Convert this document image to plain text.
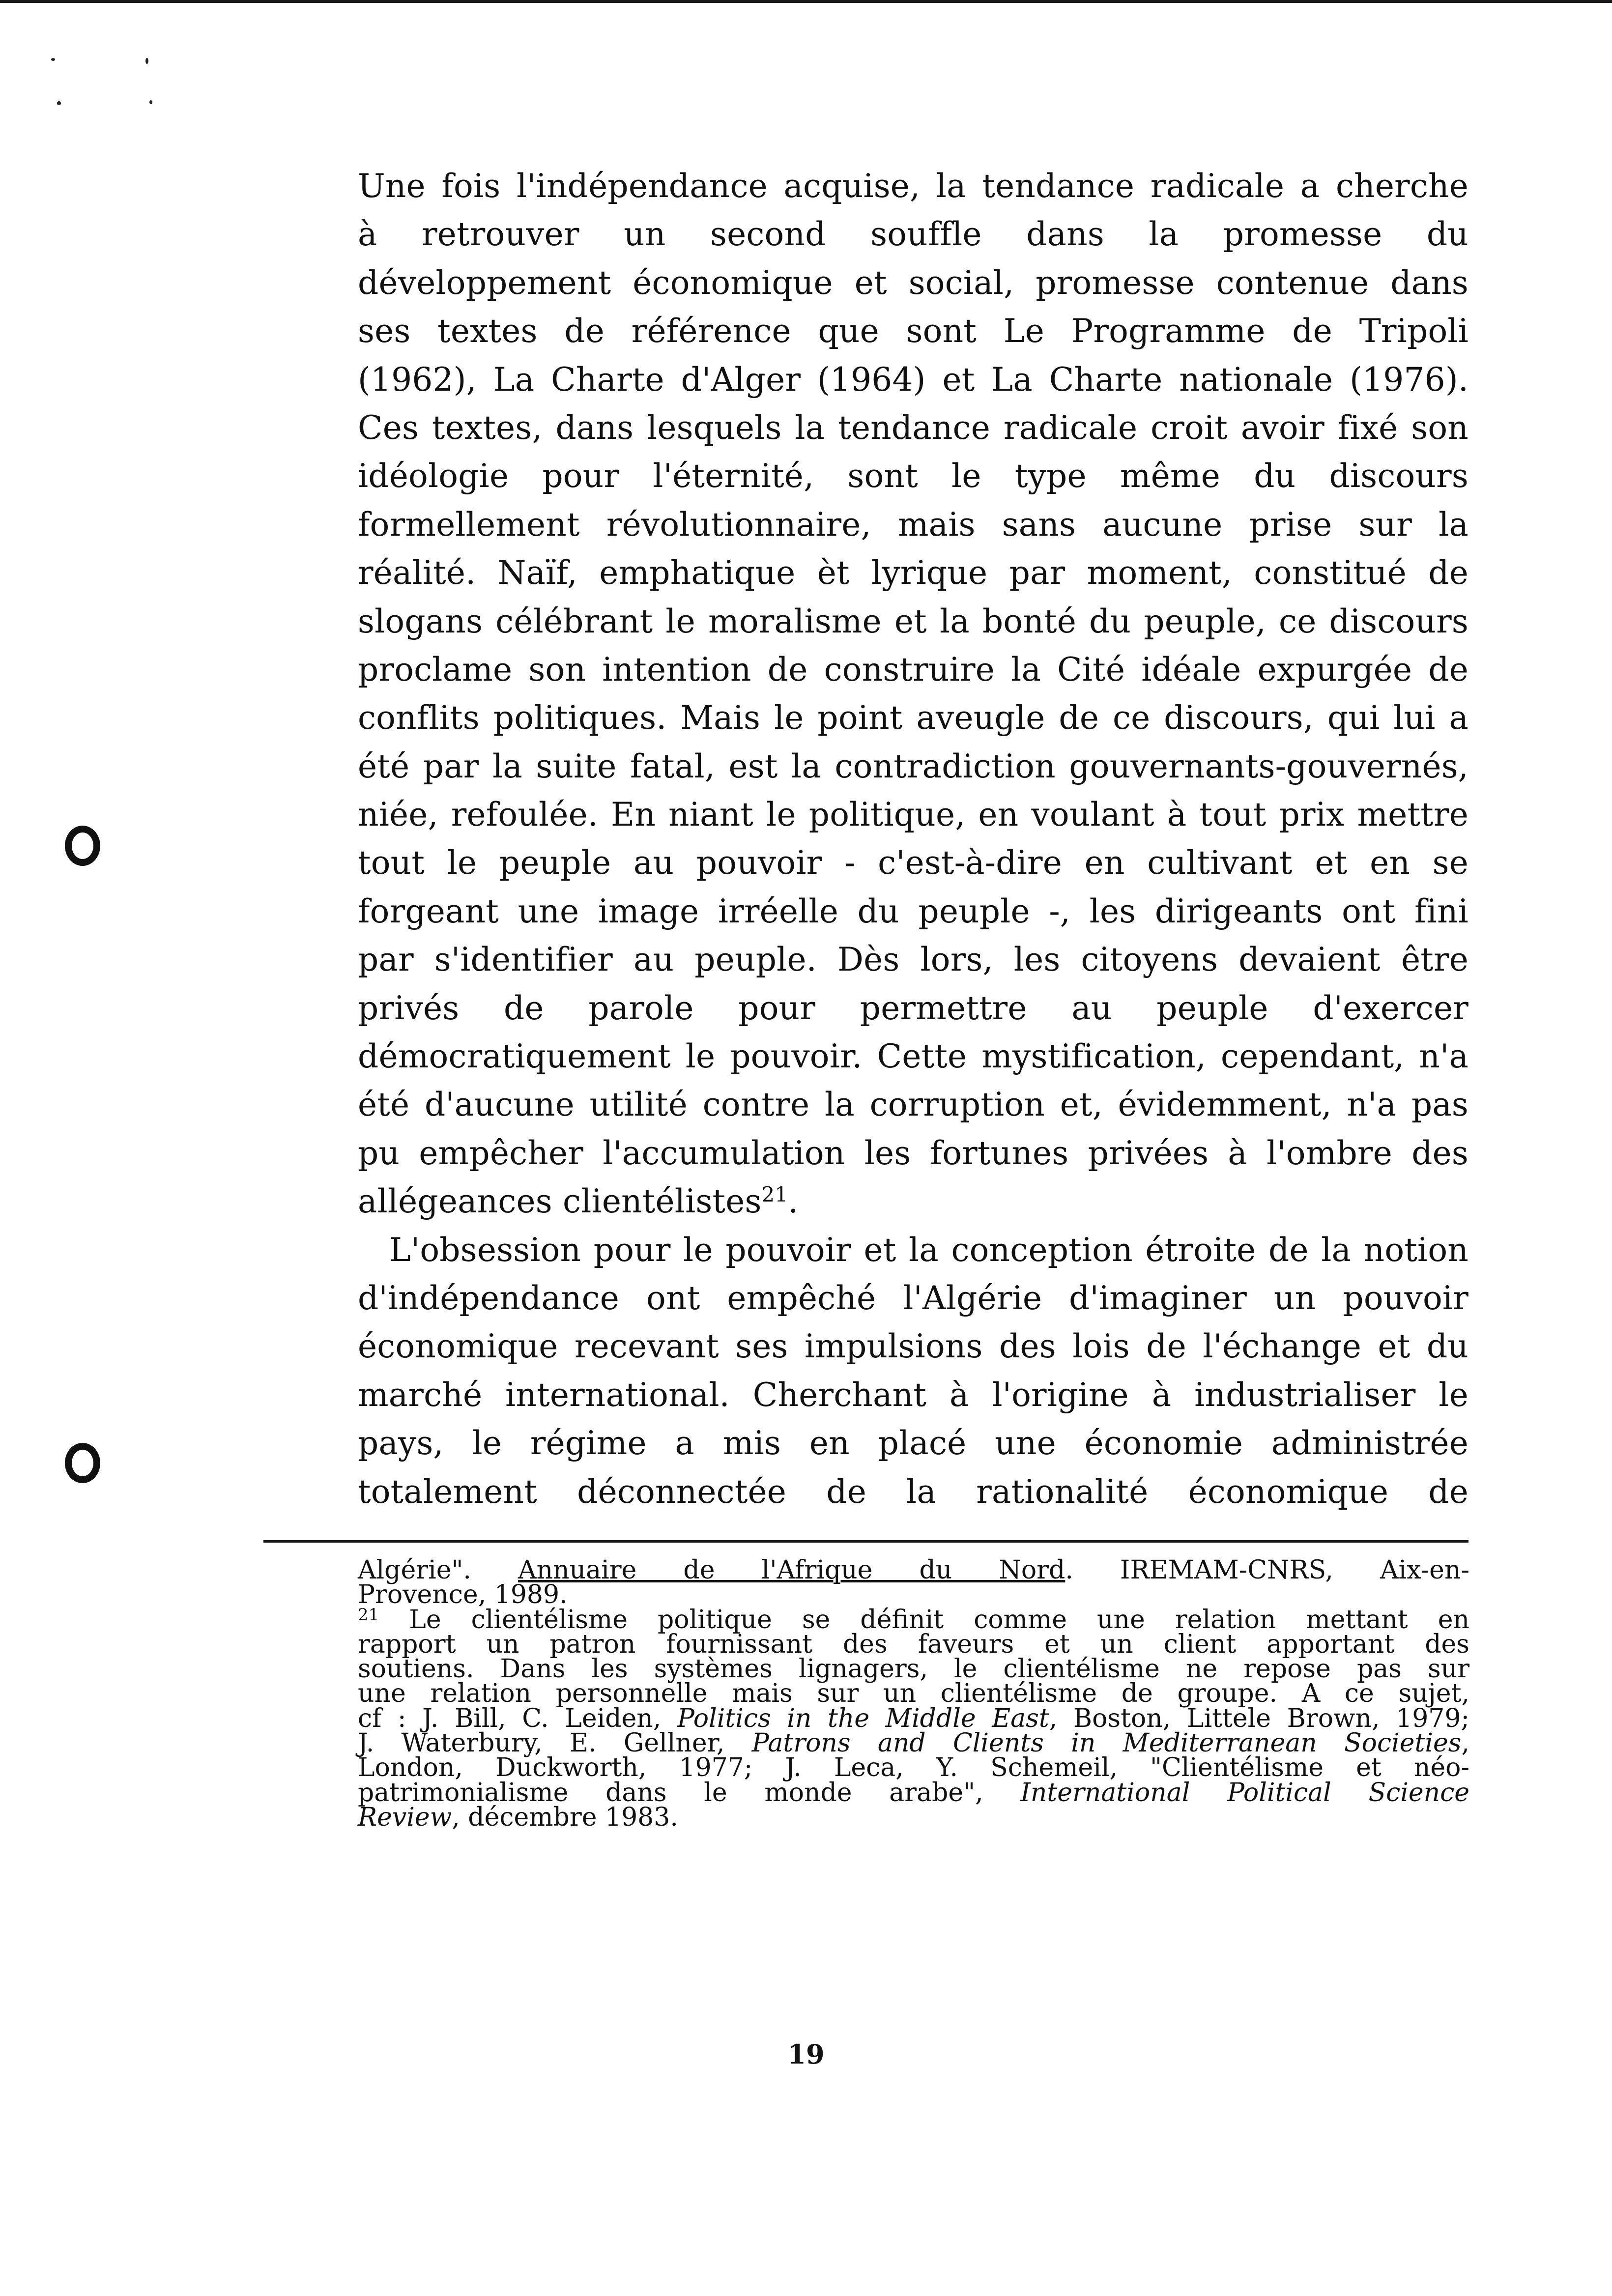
Une fois l'indépendance acquise, la tendance radicale a cherche

à retrouver un second souffle dans la promesse du

développement économique et social, promesse contenue dans

ses textes de référence que sont Le Programme de Tripoli

(1962), La Charte d'Alger (1964) et La Charte nationale (1976).

Ces textes, dans lesquels la tendance radicale croit avoir fixé son

idéologie pour l'éternité, sont le type même du discours

formellement révolutionnaire, mais sans aucune prise sur la

réalité. Naïf, emphatique èt lyrique par moment, constitué de

slogans célébrant le moralisme et la bonté du peuple, ce discours

proclame son intention de construire la Cité idéale expurgée de

conflits politiques. Mais le point aveugle de ce discours, qui lui a

été par la suite fatal, est la contradiction gouvernants-gouvernés,

niée, refoulée. En niant le politique, en voulant à tout prix mettre

tout le peuple au pouvoir - c'est-à-dire en cultivant et en se

forgeant une image irréelle du peuple -, les dirigeants ont fini

par s'identifier au peuple. Dès lors, les citoyens devaient être

privés de parole pour permettre au peuple d'exercer

démocratiquement le pouvoir. Cette mystification, cependant, n'a

été d'aucune utilité contre la corruption et, évidemment, n'a pas

pu empêcher l'accumulation les fortunes privées à l'ombre des

allégeances clientélistes$^{21}$.

L'obsession pour le pouvoir et la conception étroite de la notion

d'indépendance ont empêché l'Algérie d'imaginer un pouvoir

économique recevant ses impulsions des lois de l'échange et du

marché international. Cherchant à l'origine à industrialiser le

pays, le régime a mis en placé une économie administrée

totalement déconnectée de la rationalité économique de

Algérie". Annuaire de l'Afrique du Nord. IREMAM-CNRS, Aix-en-

Provence, 1989.

$^{21}$ Le clientélisme politique se définit comme une relation mettant en

rapport un patron fournissant des faveurs et un client apportant des

soutiens. Dans les systèmes lignagers, le clientélisme ne repose pas sur

une relation personnelle mais sur un clientélisme de groupe. A ce sujet,

cf : J. Bill, C. Leiden, Politics in the Middle East, Boston, Littele Brown, 1979;

J. Waterbury, E. Gellner, Patrons and Clients in Mediterranean Societies,

London, Duckworth, 1977; J. Leca, Y. Schemeil, "Clientélisme et néo-

patrimonialisme dans le monde arabe", International Political Science

Review, décembre 1983.

19
